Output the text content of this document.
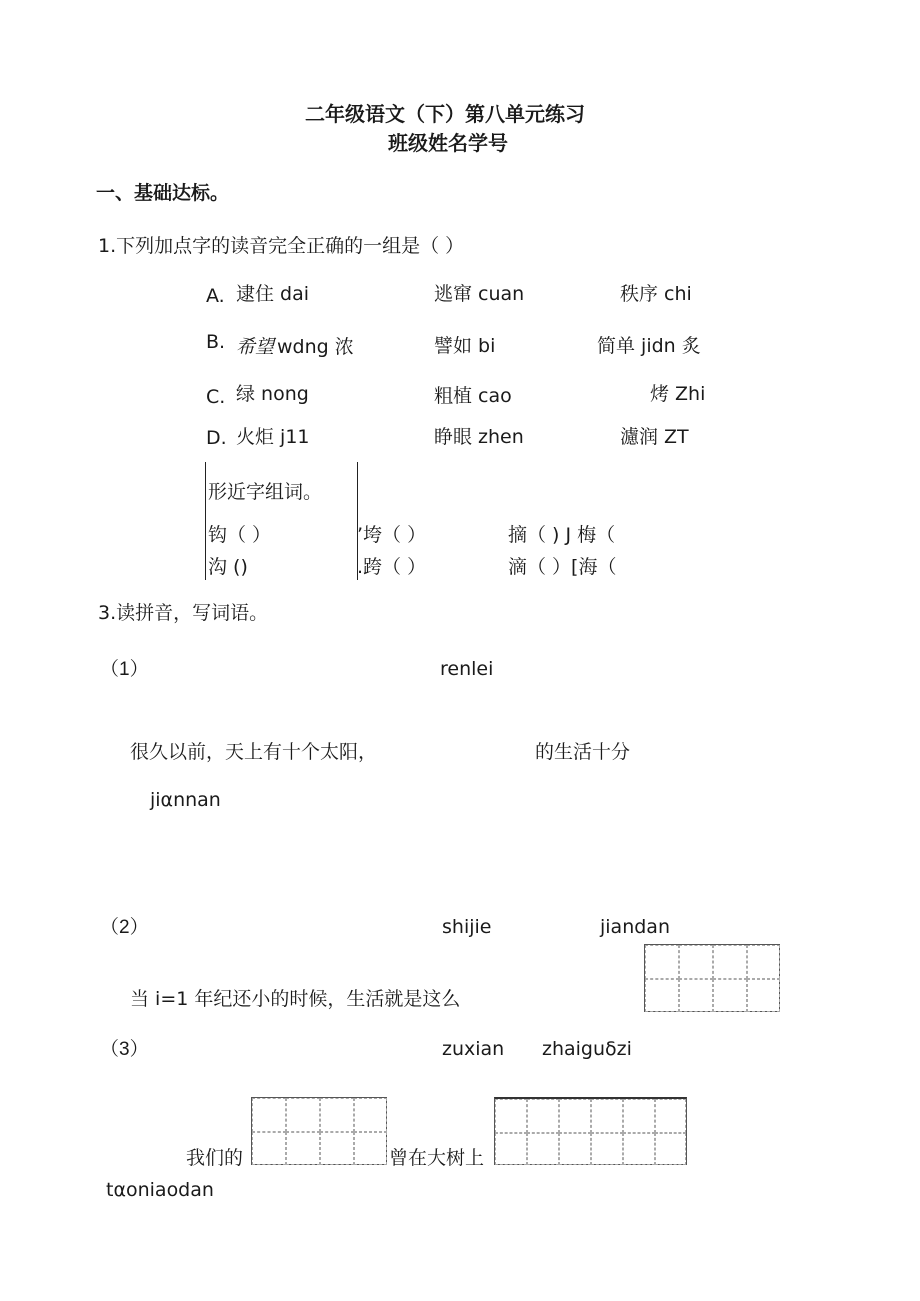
二年级语文（下）第八单元练习
班级姓名学号
一、基础达标。
1.下列加点字的读音完全正确的一组是（ ）
A. 逮住 dai	逃窜 cuan	秩序 chi
B. 希望 wdng 浓	譬如 bi	简单 jidn 炙
C. 绿 nong	粗植 cao	烤 Zhi
D. 火炬 j11	睁眼 zhen	濾润 ZT
形近字组词。
钩（ ）	’垮（ ）	摘（ ) J 梅（
沟 ()	.跨（ ）	滴（ ）[海（
3.读拼音，写词语。
（1）	renlei
很久以前，天上有十个太阳，	的生活十分
jiαnnan
（2）	shijie	jiandan
当 i=1 年纪还小的时候，生活就是这么
（3）	zuxian zhaiguδzi
我们的	曾在大树上
tαoniaodan
